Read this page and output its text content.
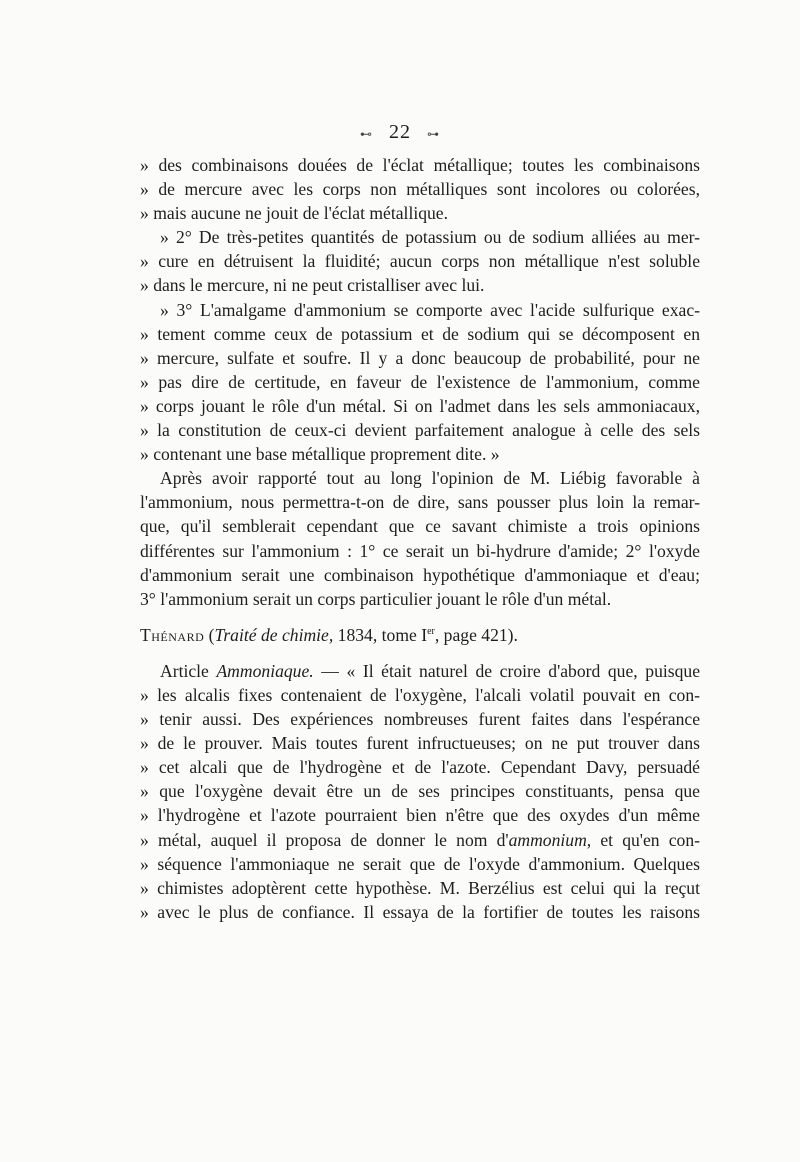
⊷ 22 ⊶
» des combinaisons douées de l'éclat métallique; toutes les combinaisons
» de mercure avec les corps non métalliques sont incolores ou colorées,
» mais aucune ne jouit de l'éclat métallique.
» 2° De très-petites quantités de potassium ou de sodium alliées au mer-
» cure en détruisent la fluidité; aucun corps non métallique n'est soluble
» dans le mercure, ni ne peut cristalliser avec lui.
» 3° L'amalgame d'ammonium se comporte avec l'acide sulfurique exac-
» tement comme ceux de potassium et de sodium qui se décomposent en
» mercure, sulfate et soufre. Il y a donc beaucoup de probabilité, pour ne
» pas dire de certitude, en faveur de l'existence de l'ammonium, comme
» corps jouant le rôle d'un métal. Si on l'admet dans les sels ammoniacaux,
» la constitution de ceux-ci devient parfaitement analogue à celle des sels
» contenant une base métallique proprement dite. »
Après avoir rapporté tout au long l'opinion de M. Liébig favorable à
l'ammonium, nous permettra-t-on de dire, sans pousser plus loin la remar-
que, qu'il semblerait cependant que ce savant chimiste a trois opinions
différentes sur l'ammonium : 1° ce serait un bi-hydrure d'amide; 2° l'oxyde
d'ammonium serait une combinaison hypothétique d'ammoniaque et d'eau;
3° l'ammonium serait un corps particulier jouant le rôle d'un métal.
Thénard (Traité de chimie, 1834, tome Ier, page 421).
Article Ammoniaque. — « Il était naturel de croire d'abord que, puisque
» les alcalis fixes contenaient de l'oxygène, l'alcali volatil pouvait en con-
» tenir aussi. Des expériences nombreuses furent faites dans l'espérance
» de le prouver. Mais toutes furent infructueuses; on ne put trouver dans
» cet alcali que de l'hydrogène et de l'azote. Cependant Davy, persuadé
» que l'oxygène devait être un de ses principes constituants, pensa que
» l'hydrogène et l'azote pourraient bien n'être que des oxydes d'un même
» métal, auquel il proposa de donner le nom d'ammonium, et qu'en con-
» séquence l'ammoniaque ne serait que de l'oxyde d'ammonium. Quelques
» chimistes adoptèrent cette hypothèse. M. Berzélius est celui qui la reçut
» avec le plus de confiance. Il essaya de la fortifier de toutes les raisons
